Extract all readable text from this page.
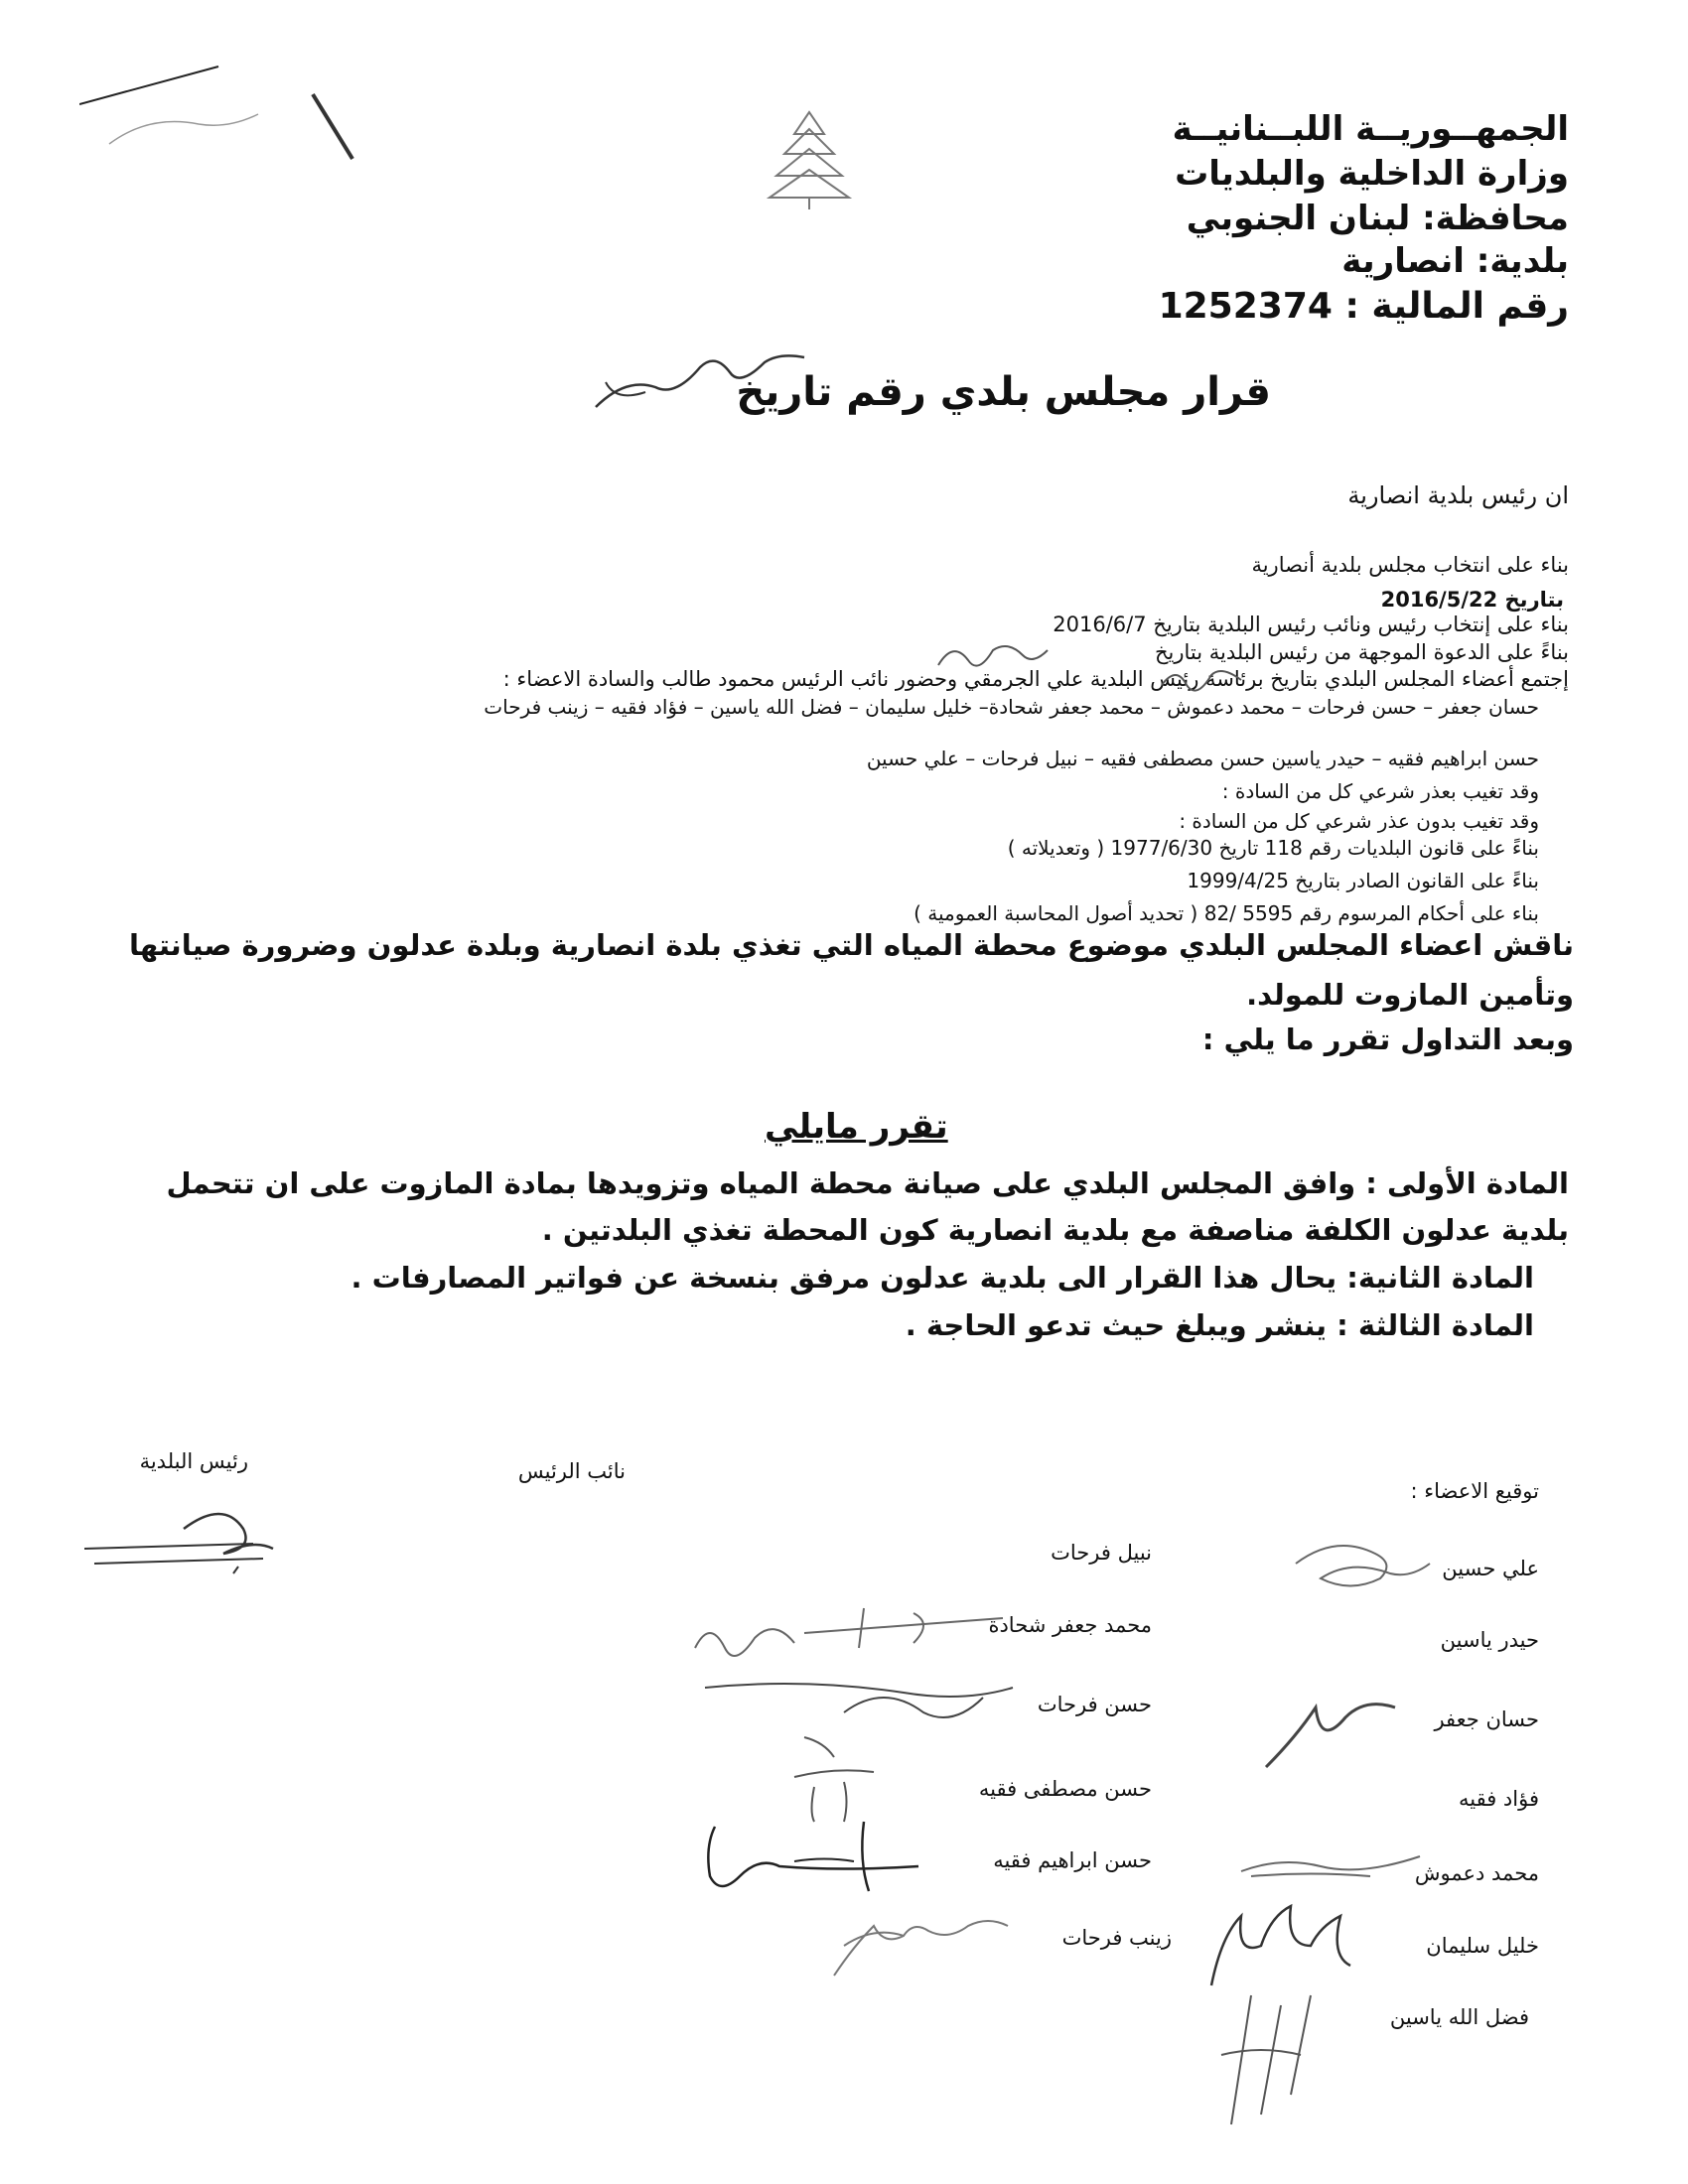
الجمهــوريــة اللبــنانيــة
وزارة الداخلية والبلديات
محافظة: لبنان الجنوبي
بلدية: انصارية
رقم المالية : 1252374
قرار مجلس بلدي رقم تاريخ
ان رئيس بلدية انصارية
بناء على انتخاب مجلس بلدية أنصارية
بتاريخ 2016/5/22
بناء على إنتخاب رئيس ونائب رئيس البلدية بتاريخ 2016/6/7
بناءً على الدعوة الموجهة من رئيس البلدية بتاريخ
إجتمع أعضاء المجلس البلدي بتاريخ برئاسة رئيس البلدية علي الجرمقي وحضور نائب الرئيس محمود طالب والسادة الاعضاء :
حسان جعفر – حسن فرحات – محمد دعموش – محمد جعفر شحادة– خليل سليمان – فضل الله ياسين – فؤاد فقيه – زينب فرحات
حسن ابراهيم فقيه – حيدر ياسين حسن مصطفى فقيه – نبيل فرحات – علي حسين
وقد تغيب بعذر شرعي كل من السادة :
وقد تغيب بدون عذر شرعي كل من السادة :
بناءً على قانون البلديات رقم 118 تاريخ 1977/6/30 ( وتعديلاته )
بناءً على القانون الصادر بتاريخ 1999/4/25
بناء على أحكام المرسوم رقم 5595 /82 ( تحديد أصول المحاسبة العمومية )
ناقش اعضاء المجلس البلدي موضوع محطة المياه التي تغذي بلدة انصارية وبلدة عدلون وضرورة صيانتها
وتأمين المازوت للمولد.
وبعد التداول تقرر ما يلي :
تقرر مايلي
المادة الأولى : وافق المجلس البلدي على صيانة محطة المياه وتزويدها بمادة المازوت على ان تتحمل
بلدية عدلون الكلفة مناصفة مع بلدية انصارية كون المحطة تغذي البلدتين .
المادة الثانية: يحال هذا القرار الى بلدية عدلون مرفق بنسخة عن فواتير المصارفات .
المادة الثالثة : ينشر ويبلغ حيث تدعو الحاجة .
رئيس البلدية	نائب الرئيس
توقيع الاعضاء :
نبيل فرحات
محمد جعفر شحادة
حسن فرحات
حسن مصطفى فقيه
حسن ابراهيم فقيه
زينب فرحات
علي حسين
حيدر ياسين
حسان جعفر
فؤاد فقيه
محمد دعموش
خليل سليمان
فضل الله ياسين
